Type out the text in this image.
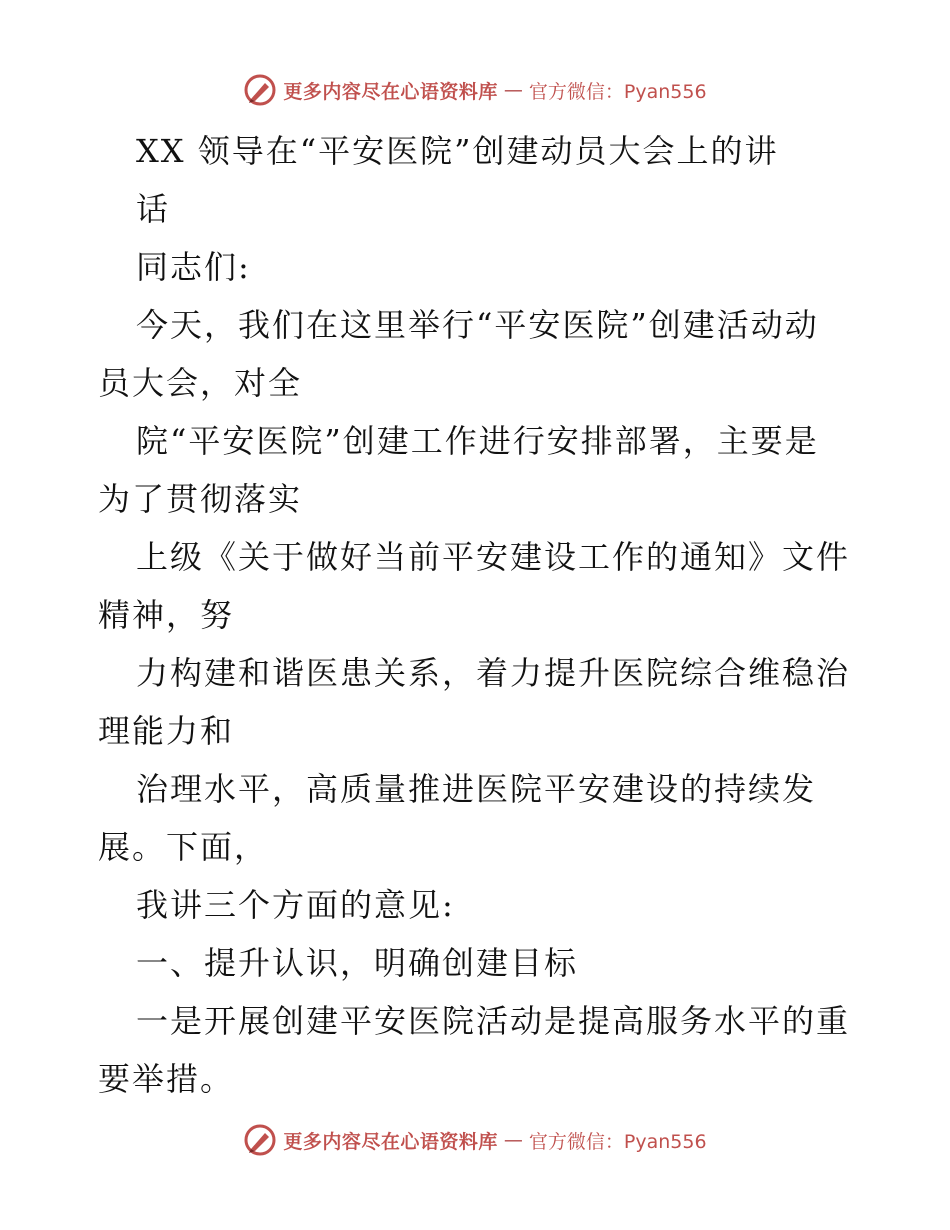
更多内容尽在心语资料库 — 官方微信：Pyan556
XX 领导在“平安医院”创建动员大会上的讲
话
同志们:
今天，我们在这里举行“平安医院”创建活动动
员大会，对全
院“平安医院”创建工作进行安排部署，主要是
为了贯彻落实
上级《关于做好当前平安建设工作的通知》文件
精神，努
力构建和谐医患关系，着力提升医院综合维稳治
理能力和
治理水平，高质量推进医院平安建设的持续发
展。下面，
我讲三个方面的意见:
一、提升认识，明确创建目标
一是开展创建平安医院活动是提高服务水平的重
要举措。
更多内容尽在心语资料库 — 官方微信：Pyan556
